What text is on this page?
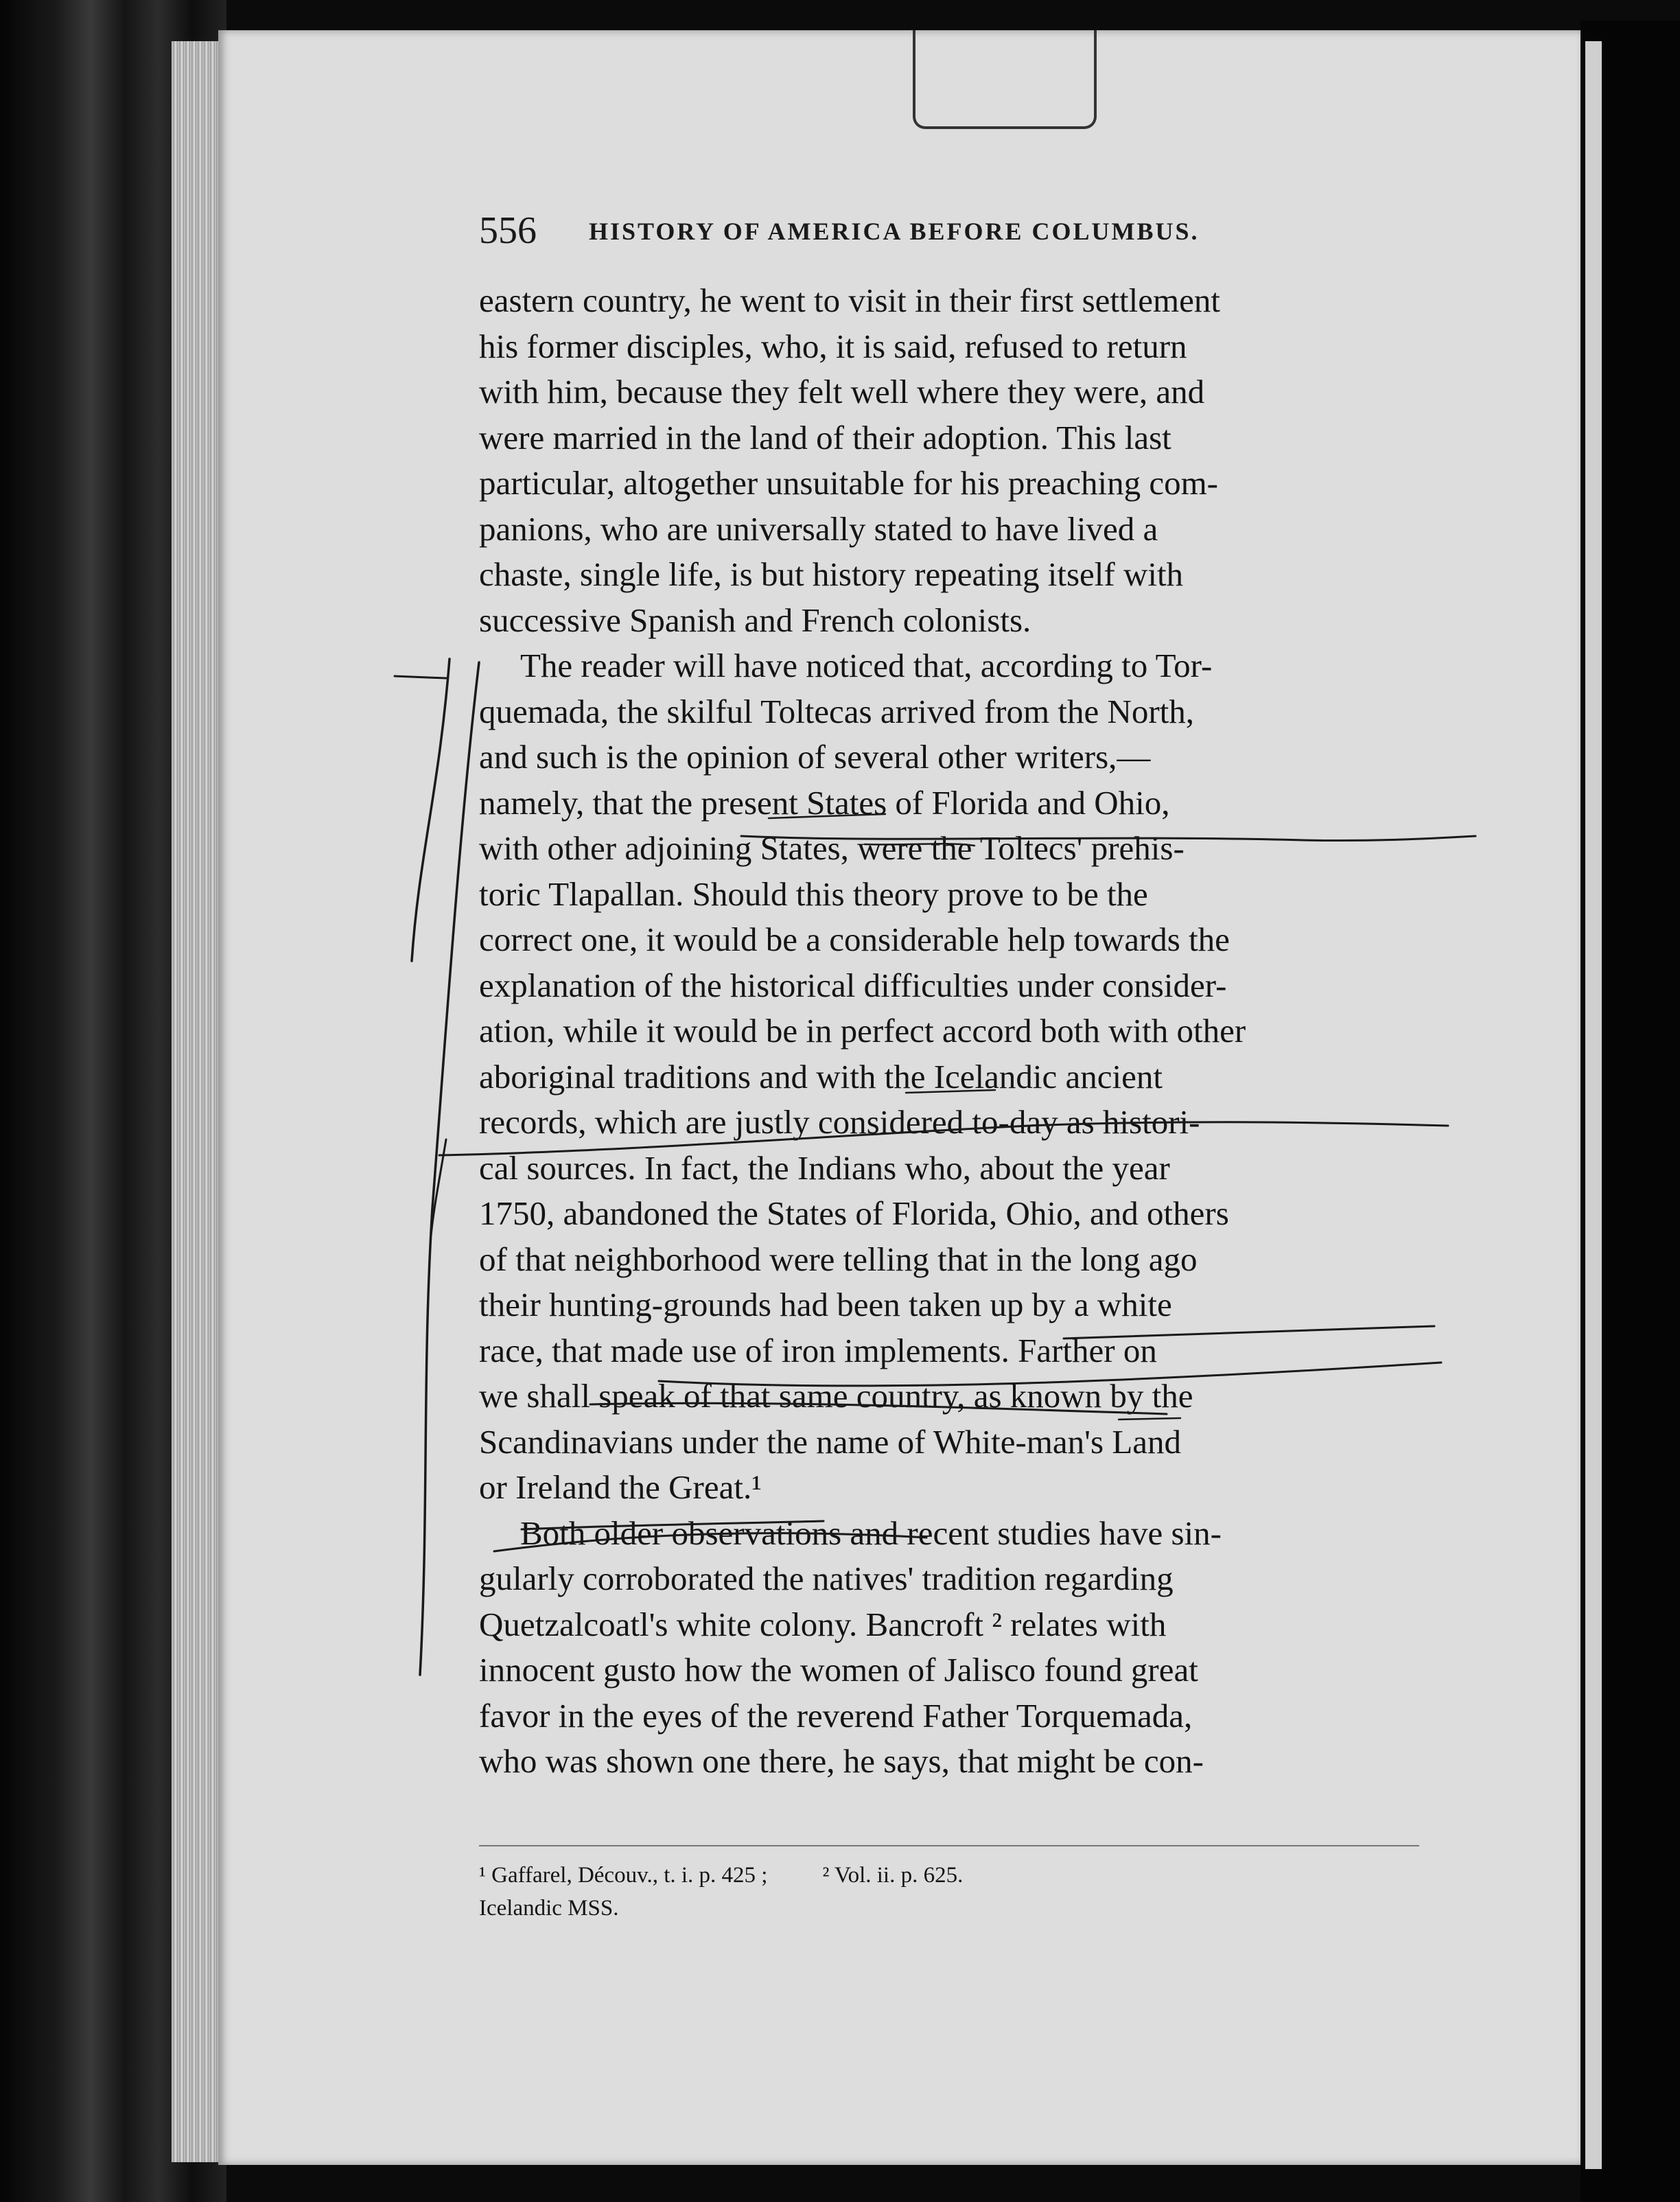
556 HISTORY OF AMERICA BEFORE COLUMBUS.
eastern country, he went to visit in their first settlement
his former disciples, who, it is said, refused to return
with him, because they felt well where they were, and
were married in the land of their adoption. This last
particular, altogether unsuitable for his preaching com-
panions, who are universally stated to have lived a
chaste, single life, is but history repeating itself with
successive Spanish and French colonists.
The reader will have noticed that, according to Tor-
quemada, the skilful Toltecas arrived from the North,
and such is the opinion of several other writers,—
namely, that the present States of Florida and Ohio,
with other adjoining States, were the Toltecs' prehis-
toric Tlapallan. Should this theory prove to be the
correct one, it would be a considerable help towards the
explanation of the historical difficulties under consider-
ation, while it would be in perfect accord both with other
aboriginal traditions and with the Icelandic ancient
records, which are justly considered to-day as histori-
cal sources. In fact, the Indians who, about the year
1750, abandoned the States of Florida, Ohio, and others
of that neighborhood were telling that in the long ago
their hunting-grounds had been taken up by a white
race, that made use of iron implements. Farther on
we shall speak of that same country, as known by the
Scandinavians under the name of White-man's Land
or Ireland the Great.¹
Both older observations and recent studies have sin-
gularly corroborated the natives' tradition regarding
Quetzalcoatl's white colony. Bancroft ² relates with
innocent gusto how the women of Jalisco found great
favor in the eyes of the reverend Father Torquemada,
who was shown one there, he says, that might be con-
¹ Gaffarel, Découv., t. i. p. 425 ; ² Vol. ii. p. 625.
Icelandic MSS.
